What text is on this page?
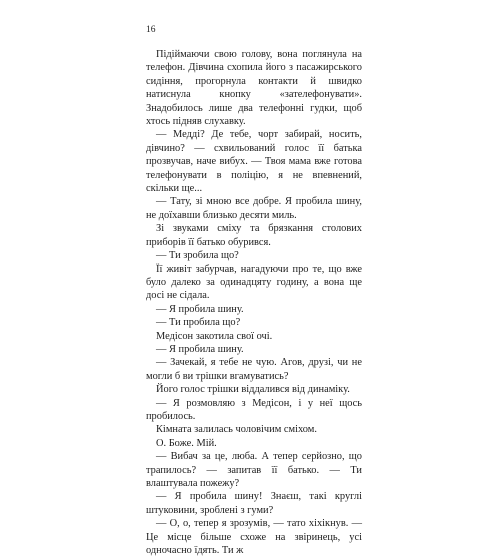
16

Підіймаючи свою голову, вона поглянула на телефон. Дівчина схопила його з пасажирського сидіння, прогорнула контакти й швидко натиснула кнопку «зателефонувати». Знадобилось лише два телефонні гудки, щоб хтось підняв слухавку.

— Медді? Де тебе, чорт забирай, носить, дівчино? — схвильований голос її батька прозвучав, наче вибух. — Твоя мама вже готова телефонувати в поліцію, я не впевнений, скільки ще...

— Тату, зі мною все добре. Я пробила шину, не доїхавши близько десяти миль.

Зі звуками сміху та брязкання столових приборів її батько обурився.

— Ти зробила що?

Її живіт забурчав, нагадуючи про те, що вже було далеко за одинадцяту годину, а вона ще досі не сідала.

— Я пробила шину.

— Ти пробила що?

Медісон закотила свої очі.

— Я пробила шину.

— Зачекай, я тебе не чую. Агов, друзі, чи не могли б ви трішки вгамуватись?

Його голос трішки віддалився від динаміку.

— Я розмовляю з Медісон, і у неї щось пробилось.

Кімната залилась чоловічим сміхом.

О. Боже. Мій.

— Вибач за це, люба. А тепер серйозно, що трапилось? — запитав її батько. — Ти влаштувала пожежу?

— Я пробила шину! Знаєш, такі круглі штуковини, зроблені з гуми?

— О, о, тепер я зрозумів, — тато хіхікнув. — Це місце більше схоже на звіринець, усі одночасно їдять. Ти ж
